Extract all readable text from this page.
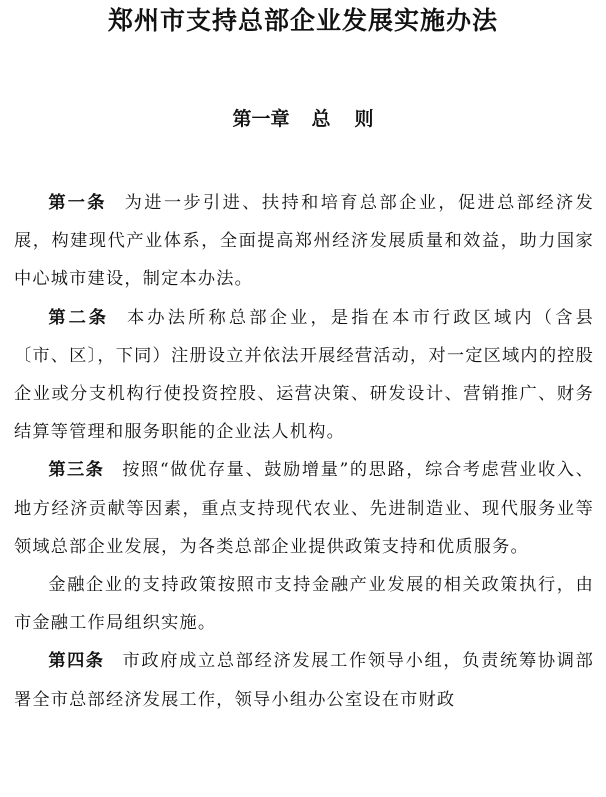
郑州市支持总部企业发展实施办法
第一章 总 则

第一条 为进一步引进、扶持和培育总部企业，促进总部经济发展，构建现代产业体系，全面提高郑州经济发展质量和效益，助力国家中心城市建设，制定本办法。

第二条 本办法所称总部企业，是指在本市行政区域内（含县〔市、区〕，下同）注册设立并依法开展经营活动，对一定区域内的控股企业或分支机构行使投资控股、运营决策、研发设计、营销推广、财务结算等管理和服务职能的企业法人机构。

第三条 按照“做优存量、鼓励增量”的思路，综合考虑营业收入、地方经济贡献等因素，重点支持现代农业、先进制造业、现代服务业等领域总部企业发展，为各类总部企业提供政策支持和优质服务。

金融企业的支持政策按照市支持金融产业发展的相关政策执行，由市金融工作局组织实施。

第四条 市政府成立总部经济发展工作领导小组，负责统筹协调部署全市总部经济发展工作，领导小组办公室设在市财政
